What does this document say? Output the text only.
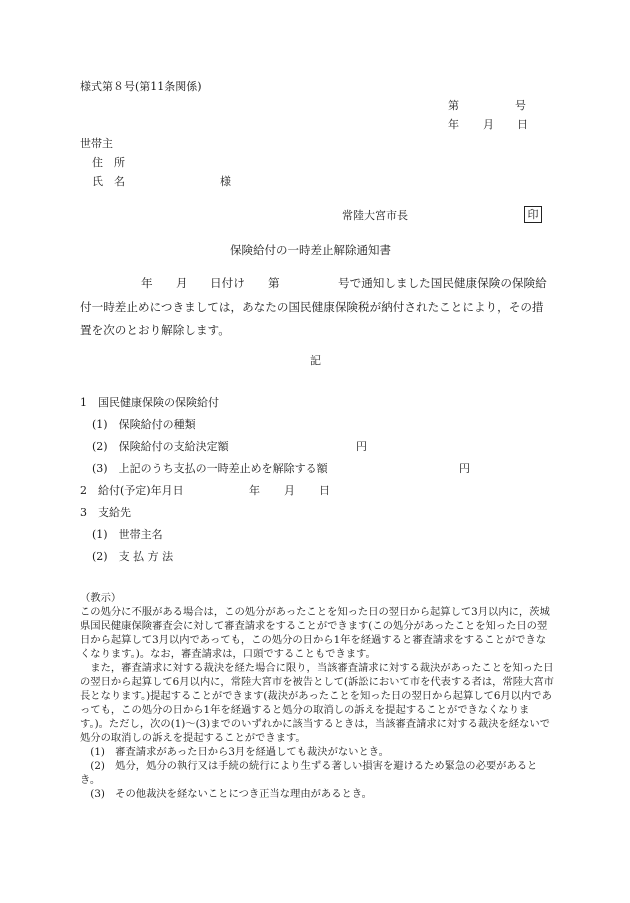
様式第８号(第11条関係)
第	号
年 月 日
世帯主
住　所
氏　名	様
常陸大宮市長	印
保険給付の一時差止解除通知書
年 月 日付け 第	号で通知しました国民健康保険の保険給
付一時差止めにつきましては，あなたの国民健康保険税が納付されたことにより，その措
置を次のとおり解除します。
記
1　国民健康保険の保険給付
(1)　保険給付の種類
(2)　保険給付の支給決定額	円
(3)　上記のうち支払の一時差止めを解除する額	円
2　給付(予定)年月日	年 月 日
3　支給先
(1)　世帯主名
(2)　支 払 方 法

（教示）

この処分に不服がある場合は，この処分があったことを知った日の翌日から起算して3月以内に，茨城県国民健康保険審査会に対して審査請求をすることができます(この処分があったことを知った日の翌日から起算して3月以内であっても，この処分の日から1年を経過すると審査請求をすることができなくなります。)。なお，審査請求は，口頭ですることもできます。

また，審査請求に対する裁決を経た場合に限り，当該審査請求に対する裁決があったことを知った日の翌日から起算して6月以内に，常陸大宮市を被告として(訴訟において市を代表する者は，常陸大宮市長となります。)提起することができます(裁決があったことを知った日の翌日から起算して6月以内であっても，この処分の日から1年を経過すると処分の取消しの訴えを提起することができなくなります。)。ただし，次の(1)～(3)までのいずれかに該当するときは，当該審査請求に対する裁決を経ないで処分の取消しの訴えを提起することができます。

(1)　審査請求があった日から3月を経過しても裁決がないとき。

(2)　処分，処分の執行又は手続の続行により生ずる著しい損害を避けるため緊急の必要があるとき。

(3)　その他裁決を経ないことにつき正当な理由があるとき。
